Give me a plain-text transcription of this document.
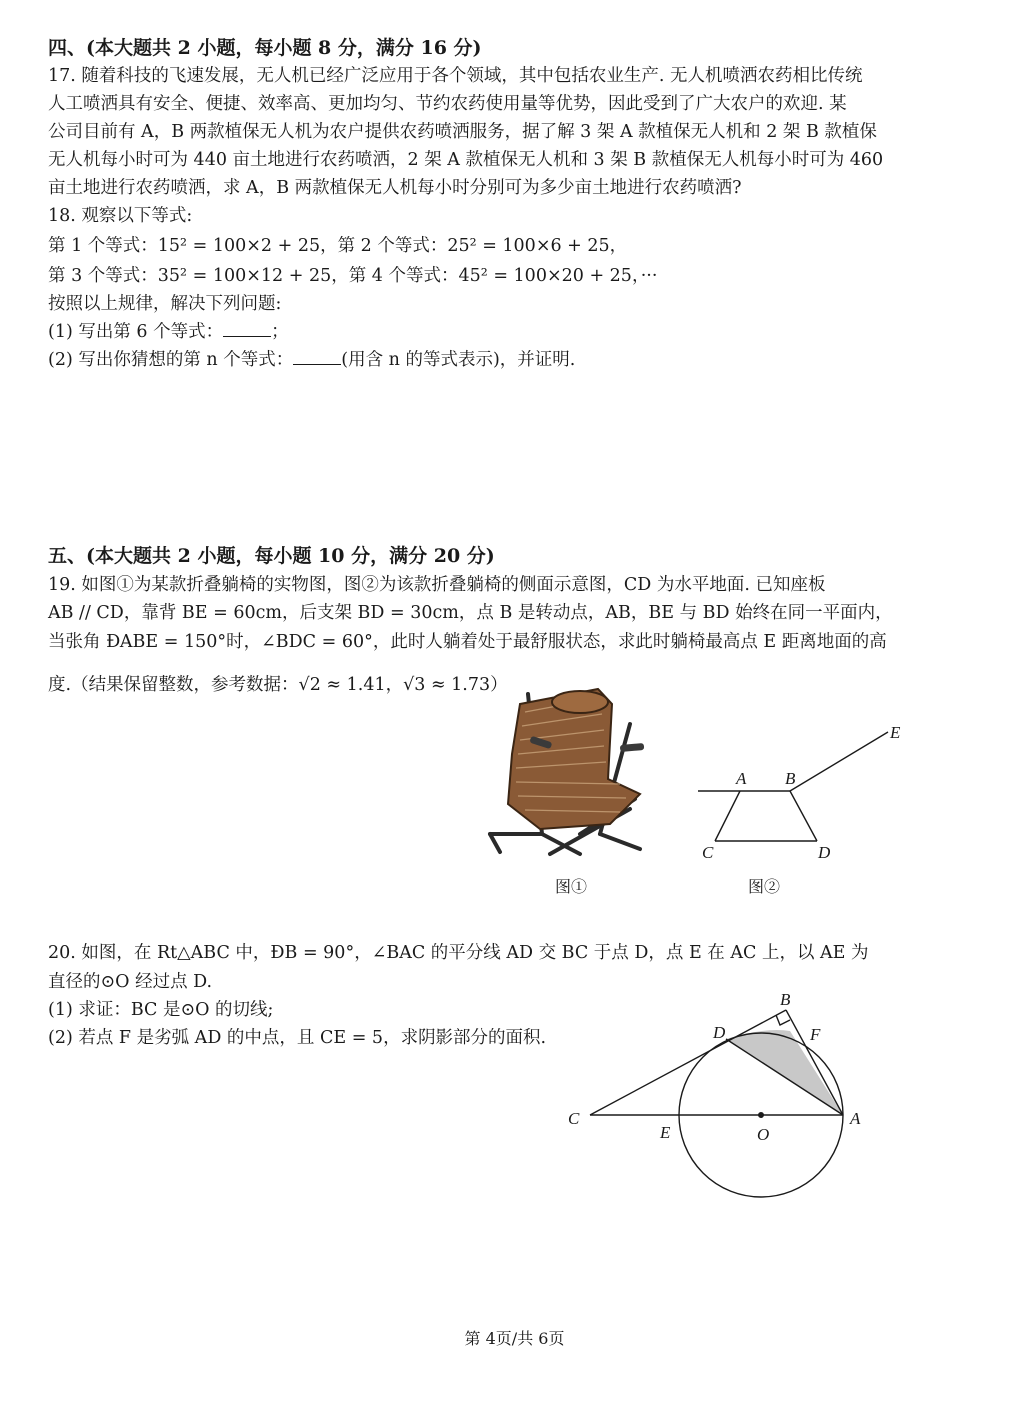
四、(本大题共 2 小题，每小题 8 分，满分 16 分)
17. 随着科技的飞速发展，无人机已经广泛应用于各个领域，其中包括农业生产. 无人机喷洒农药相比传统
人工喷洒具有安全、便捷、效率高、更加均匀、节约农药使用量等优势，因此受到了广大农户的欢迎. 某
公司目前有 A，B 两款植保无人机为农户提供农药喷洒服务，据了解 3 架 A 款植保无人机和 2 架 B 款植保
无人机每小时可为 440 亩土地进行农药喷洒，2 架 A 款植保无人机和 3 架 B 款植保无人机每小时可为 460
亩土地进行农药喷洒，求 A，B 两款植保无人机每小时分别可为多少亩土地进行农药喷洒?
18. 观察以下等式:
第 1 个等式：15² = 100×2 + 25，第 2 个等式：25² = 100×6 + 25，
第 3 个等式：35² = 100×12 + 25，第 4 个等式：45² = 100×20 + 25，···
按照以上规律，解决下列问题:
(1) 写出第 6 个等式：	；
(2) 写出你猜想的第 n 个等式：	(用含 n 的等式表示)，并证明.
五、(本大题共 2 小题，每小题 10 分，满分 20 分)
19. 如图①为某款折叠躺椅的实物图，图②为该款折叠躺椅的侧面示意图，CD 为水平地面. 已知座板
AB // CD，靠背 BE = 60cm，后支架 BD = 30cm，点 B 是转动点，AB，BE 与 BD 始终在同一平面内，
当张角 ÐABE = 150°时，∠BDC = 60°，此时人躺着处于最舒服状态，求此时躺椅最高点 E 距离地面的高
度.（结果保留整数，参考数据：√2 ≈ 1.41，√3 ≈ 1.73）
图①
A B
E
C	D
图②
20. 如图，在 Rt△ABC 中，ÐB = 90°，∠BAC 的平分线 AD 交 BC 于点 D，点 E 在 AC 上，以 AE 为
直径的⊙O 经过点 D.
(1) 求证：BC 是⊙O 的切线;
(2) 若点 F 是劣弧 AD 的中点，且 CE = 5，求阴影部分的面积.
B
D	F
C
E	O
A
第 4页/共 6页
